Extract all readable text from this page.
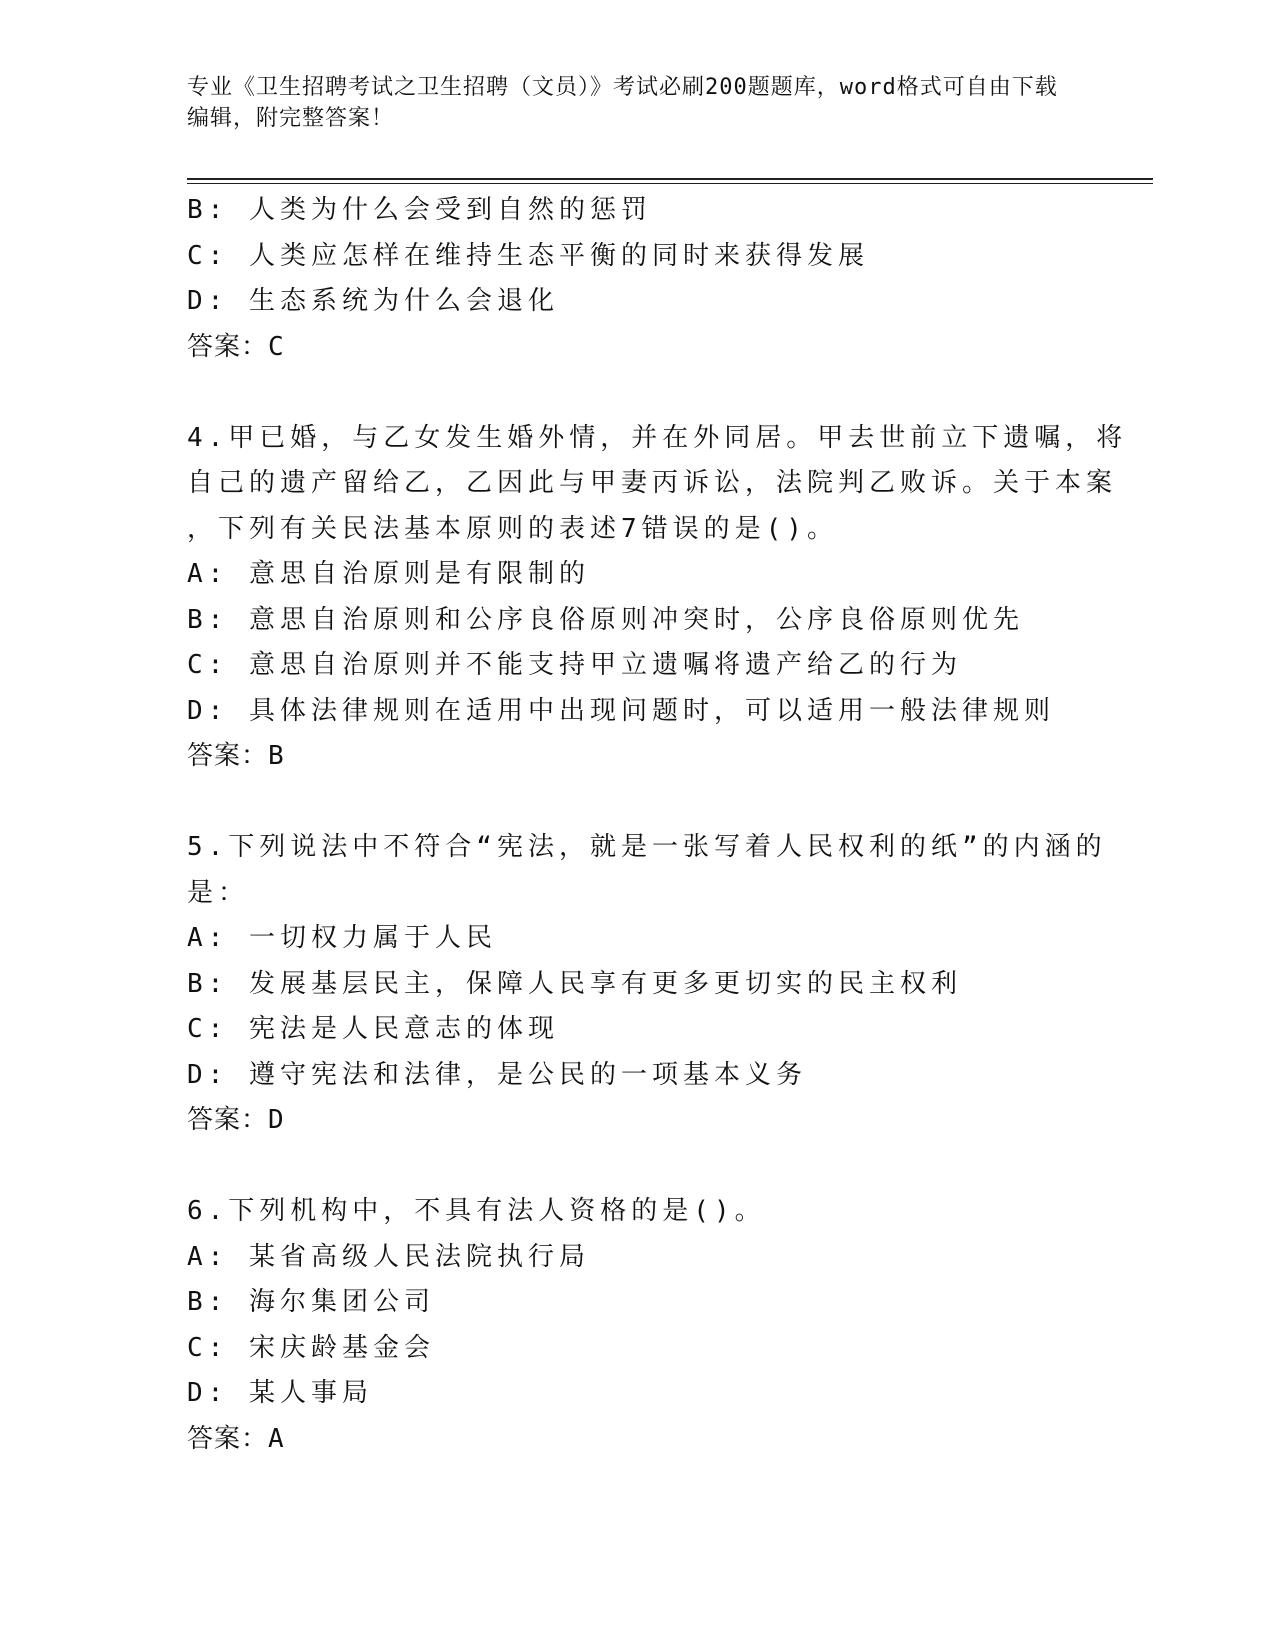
专业《卫生招聘考试之卫生招聘（文员）》考试必刷200题题库，word格式可自由下载编辑，附完整答案！
B: 人类为什么会受到自然的惩罚
C: 人类应怎样在维持生态平衡的同时来获得发展
D: 生态系统为什么会退化
答案：C
4.甲已婚，与乙女发生婚外情，并在外同居。甲去世前立下遗嘱，将
自己的遗产留给乙，乙因此与甲妻丙诉讼，法院判乙败诉。关于本案
，下列有关民法基本原则的表述7错误的是()。
A: 意思自治原则是有限制的
B: 意思自治原则和公序良俗原则冲突时，公序良俗原则优先
C: 意思自治原则并不能支持甲立遗嘱将遗产给乙的行为
D: 具体法律规则在适用中出现问题时，可以适用一般法律规则
答案：B
5.下列说法中不符合“宪法，就是一张写着人民权利的纸”的内涵的
是：
A: 一切权力属于人民
B: 发展基层民主，保障人民享有更多更切实的民主权利
C: 宪法是人民意志的体现
D: 遵守宪法和法律，是公民的一项基本义务
答案：D
6.下列机构中，不具有法人资格的是()。
A: 某省高级人民法院执行局
B: 海尔集团公司
C: 宋庆龄基金会
D: 某人事局
答案：A
